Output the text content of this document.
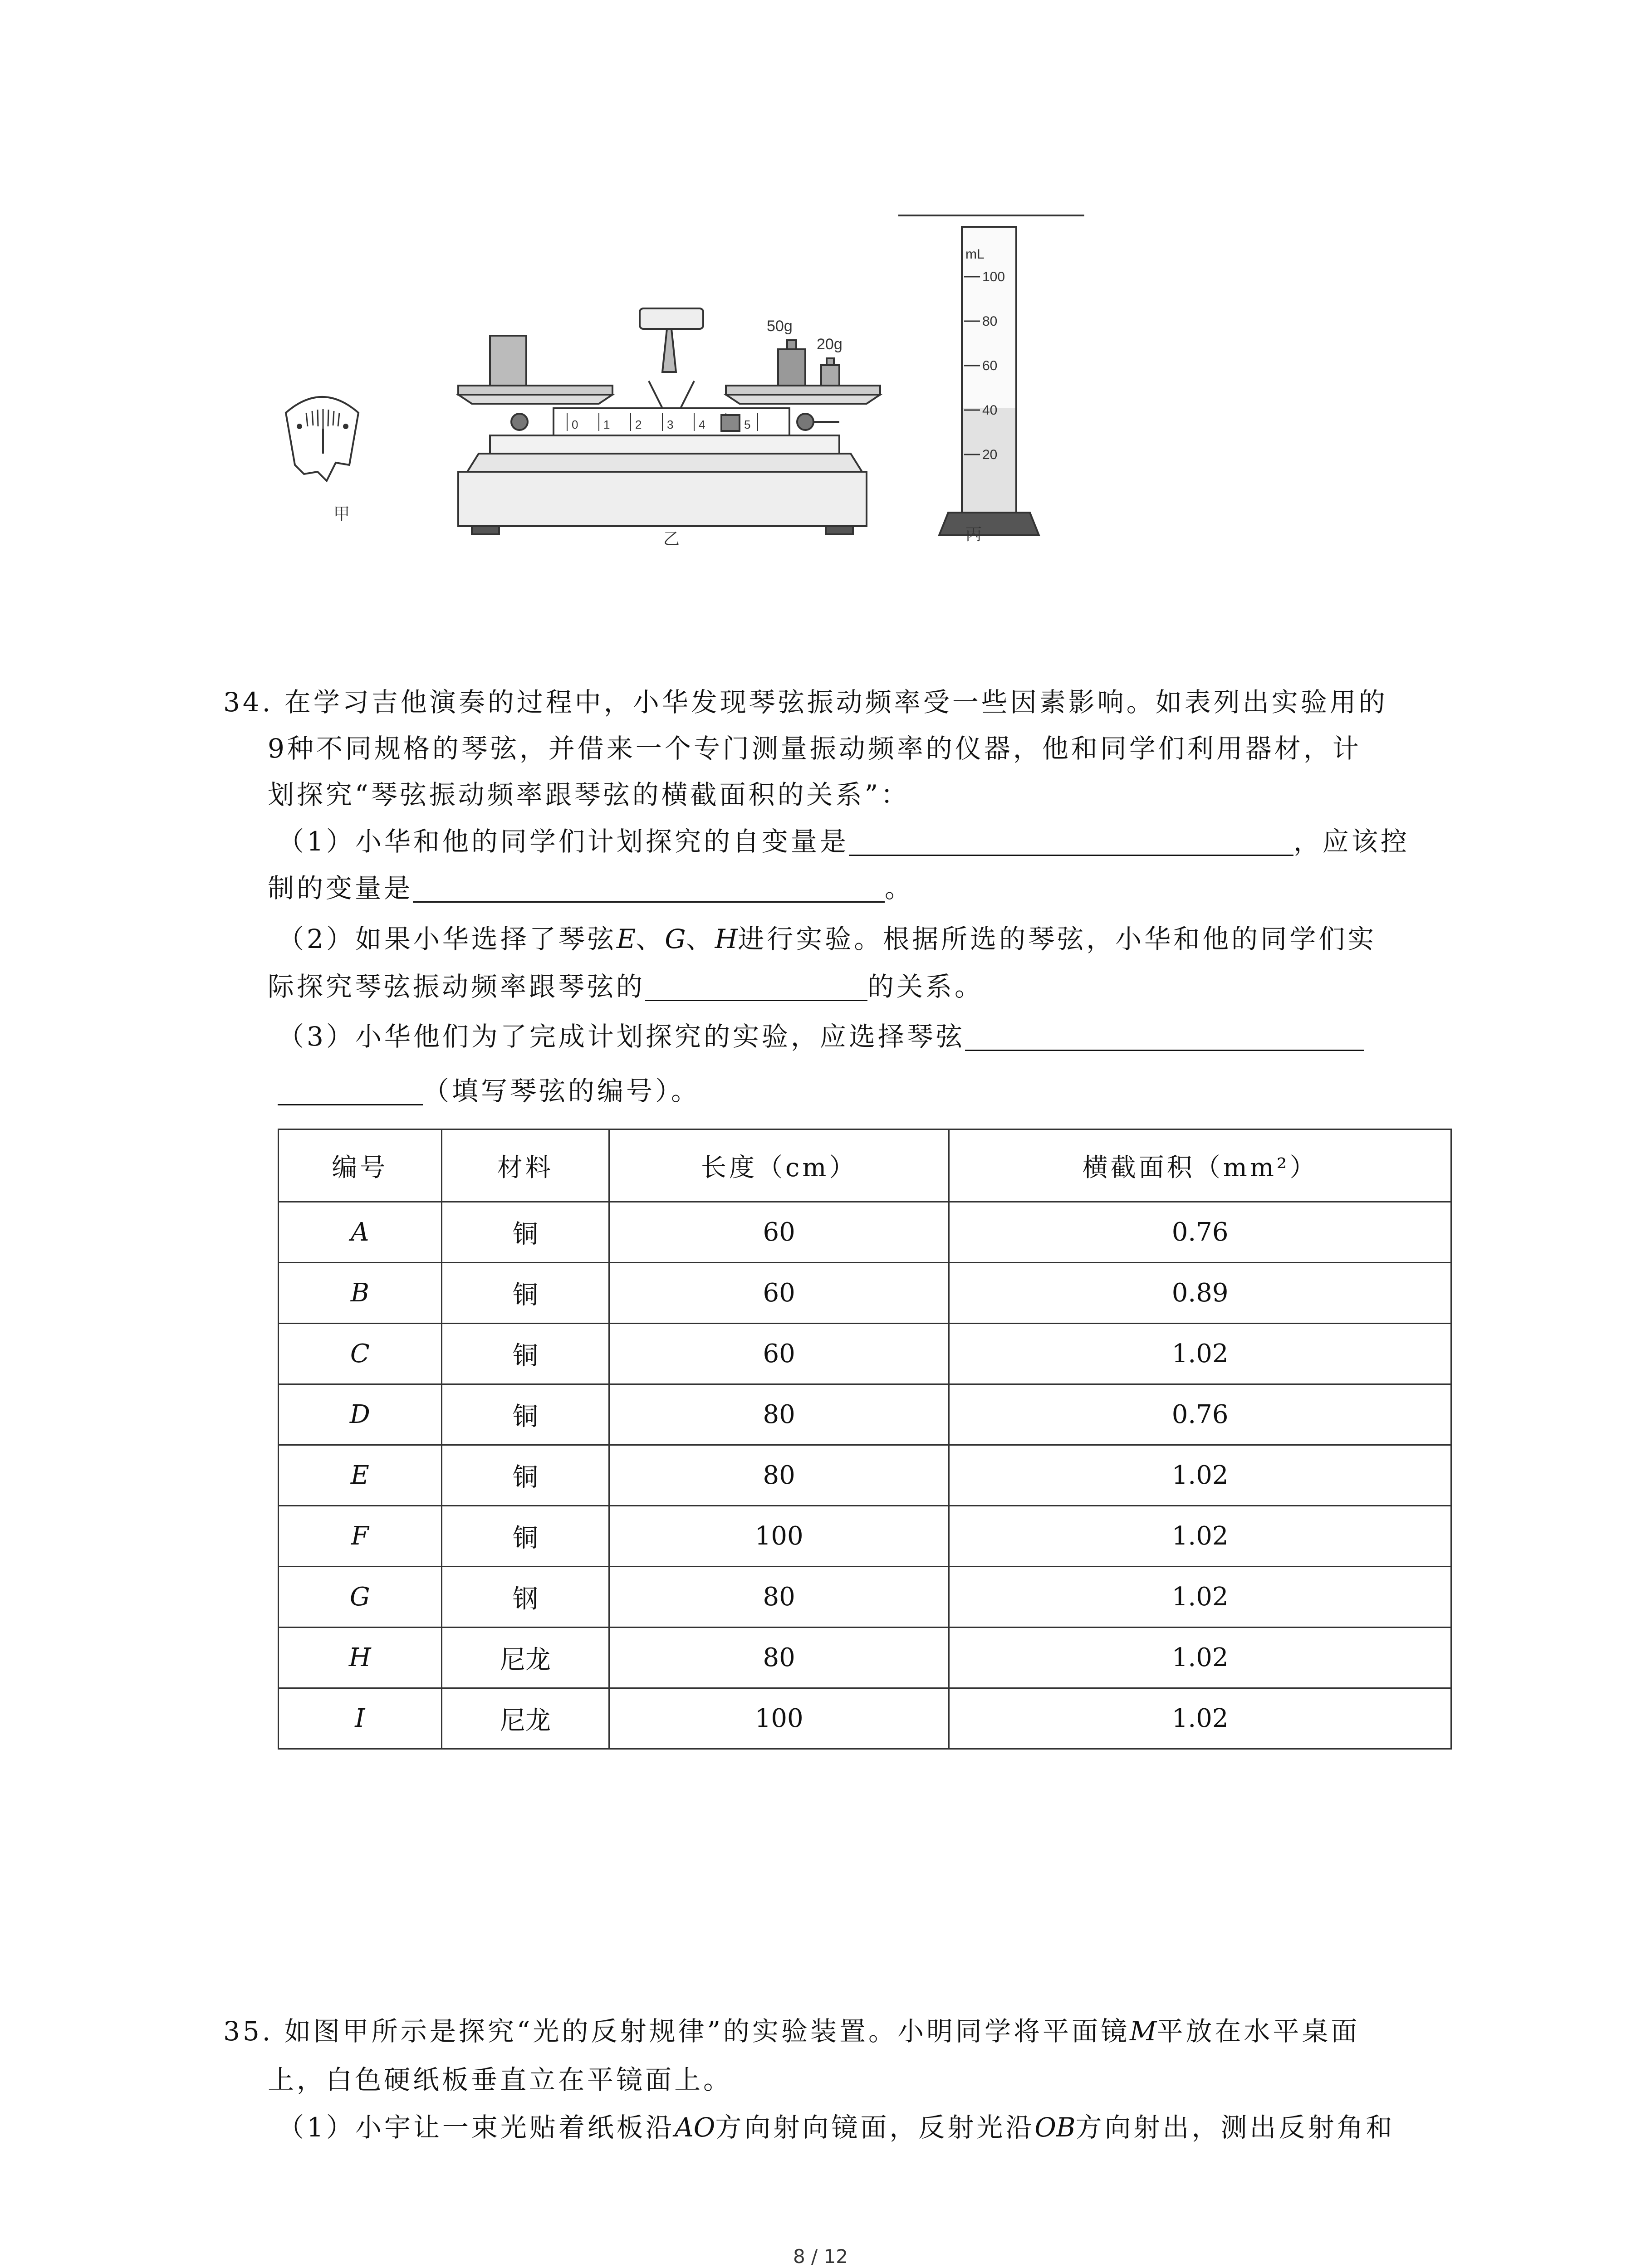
50g
20g
mL
100
80
60
40
20
0 1 2 3 4	5
甲
乙	丙
34. 在学习吉他演奏的过程中，小华发现琴弦振动频率受一些因素影响。如表列出实验用的
9种不同规格的琴弦，并借来一个专门测量振动频率的仪器，他和同学们利用器材，计
划探究“琴弦振动频率跟琴弦的横截面积的关系”：
（1）小华和他的同学们计划探究的自变量是	，应该控
制的变量是	。
（2）如果小华选择了琴弦E、G、H进行实验。根据所选的琴弦，小华和他的同学们实
际探究琴弦振动频率跟琴弦的	的关系。
（3）小华他们为了完成计划探究的实验，应选择琴弦
（填写琴弦的编号）。
编号	材料	长度（cm）	横截面积（mm²）
A	铜	60	0.76
B	铜	60	0.89
C	铜	60	1.02
D	铜	80	0.76
E	铜	80	1.02
F	铜	100	1.02
G	钢	80	1.02
H	尼龙	80	1.02
I	尼龙	100	1.02
35. 如图甲所示是探究“光的反射规律”的实验装置。小明同学将平面镜M平放在水平桌面
上，白色硬纸板垂直立在平镜面上。
（1）小宇让一束光贴着纸板沿AO方向射向镜面，反射光沿OB方向射出，测出反射角和
8 / 12
